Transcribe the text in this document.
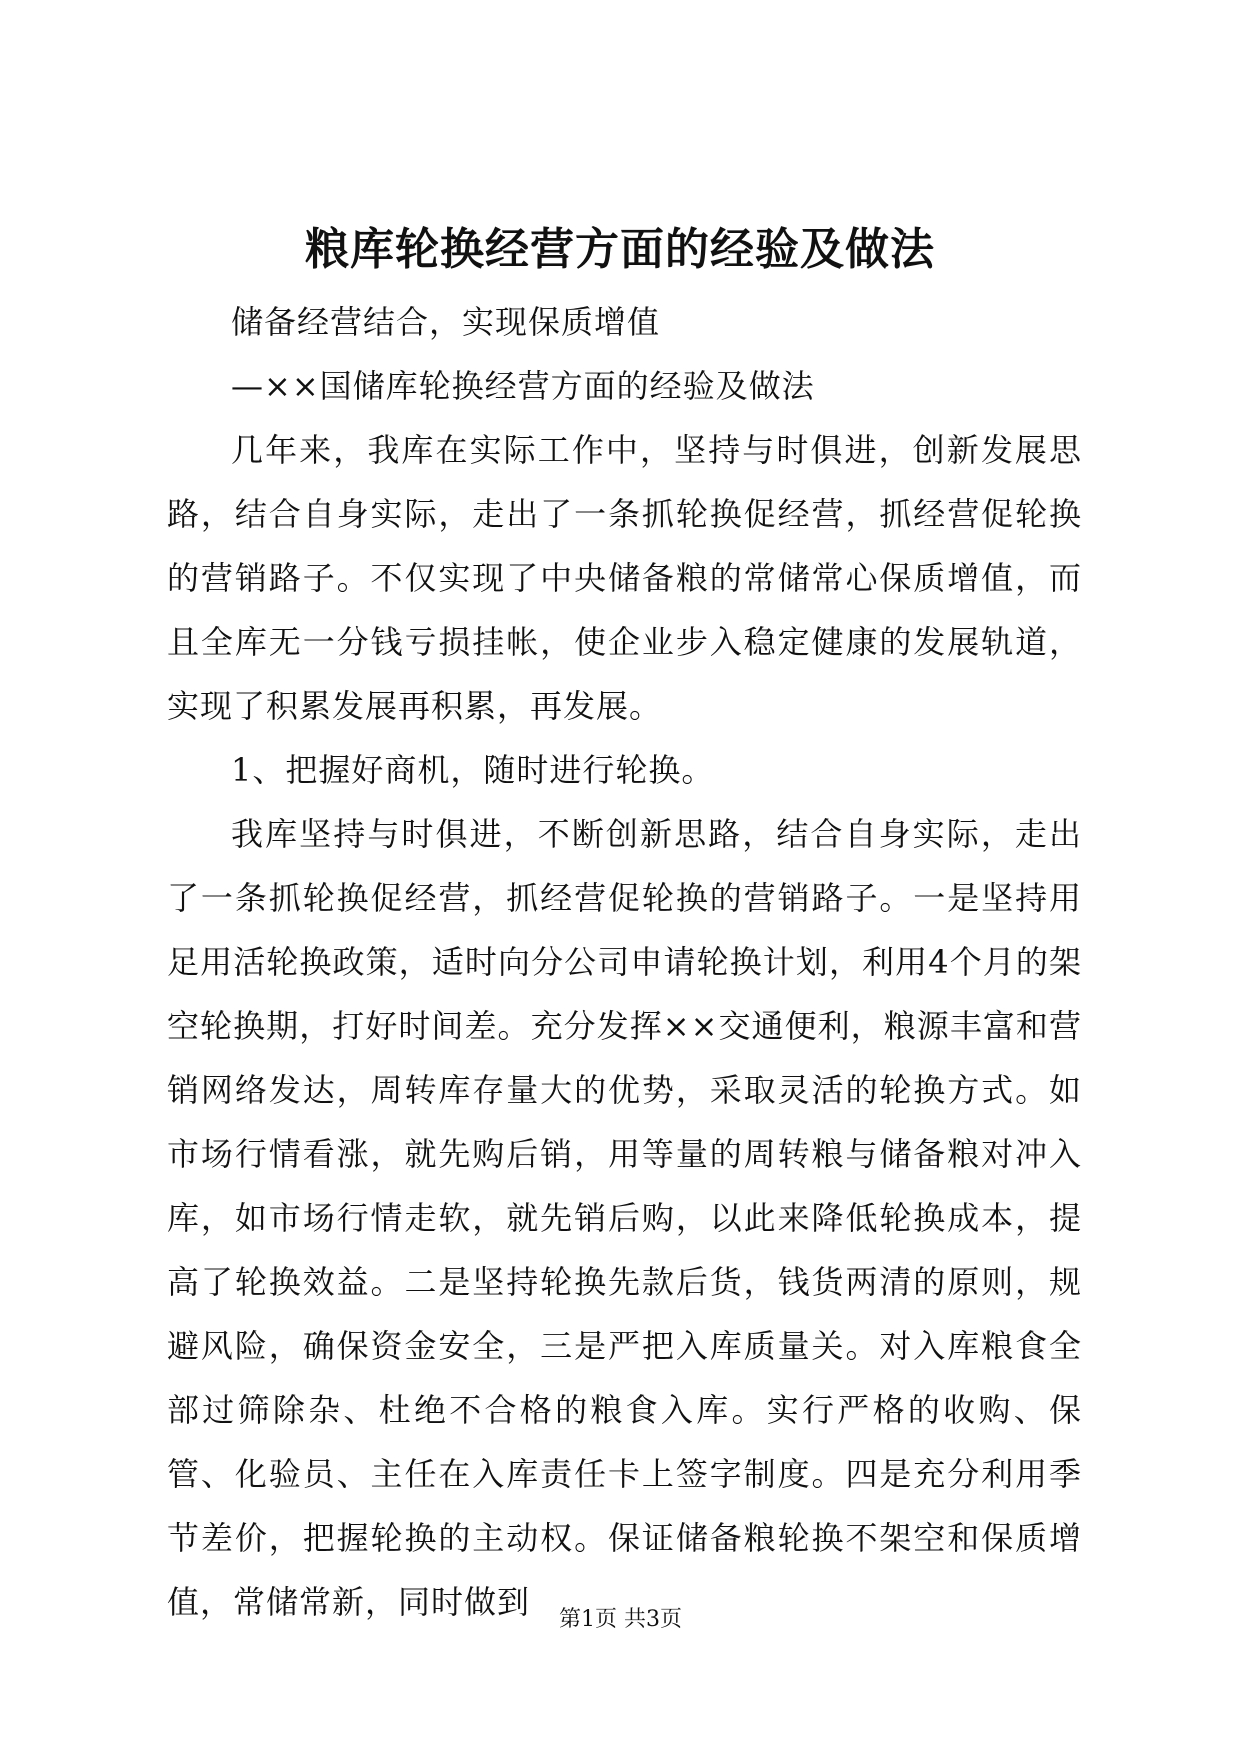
粮库轮换经营方面的经验及做法

储备经营结合，实现保质增值

—××国储库轮换经营方面的经验及做法

几年来，我库在实际工作中，坚持与时俱进，创新发展思路，结合自身实际，走出了一条抓轮换促经营，抓经营促轮换的营销路子。不仅实现了中央储备粮的常储常心保质增值，而且全库无一分钱亏损挂帐，使企业步入稳定健康的发展轨道，实现了积累发展再积累，再发展。

1、把握好商机，随时进行轮换。

我库坚持与时俱进，不断创新思路，结合自身实际，走出了一条抓轮换促经营，抓经营促轮换的营销路子。一是坚持用足用活轮换政策，适时向分公司申请轮换计划，利用4个月的架空轮换期，打好时间差。充分发挥××交通便利，粮源丰富和营销网络发达，周转库存量大的优势，采取灵活的轮换方式。如市场行情看涨，就先购后销，用等量的周转粮与储备粮对冲入库，如市场行情走软，就先销后购，以此来降低轮换成本，提高了轮换效益。二是坚持轮换先款后货，钱货两清的原则，规避风险，确保资金安全，三是严把入库质量关。对入库粮食全部过筛除杂、杜绝不合格的粮食入库。实行严格的收购、保管、化验员、主任在入库责任卡上签字制度。四是充分利用季节差价，把握轮换的主动权。保证储备粮轮换不架空和保质增值，常储常新，同时做到	第1页 共3页
